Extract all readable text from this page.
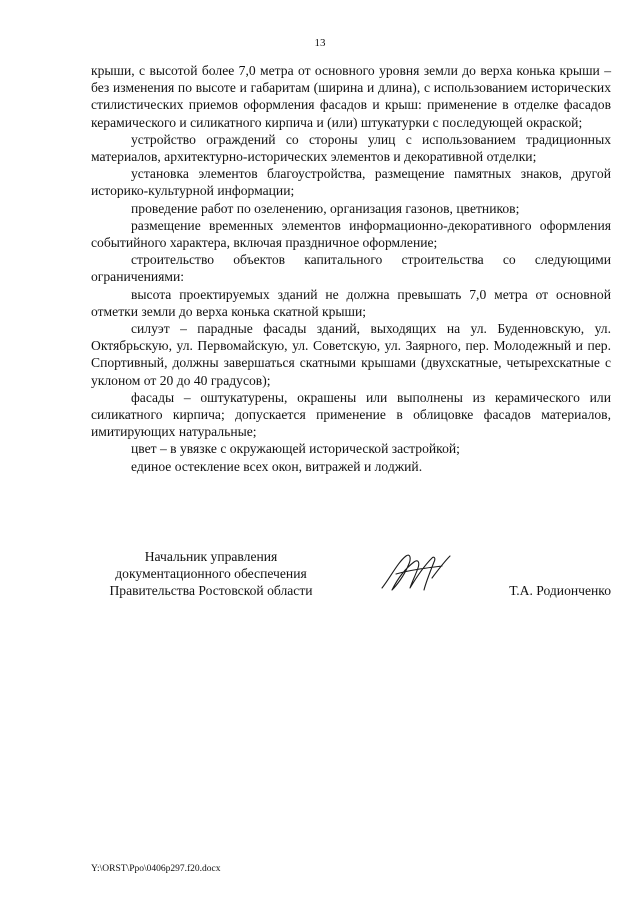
13

крыши, с высотой более 7,0 метра от основного уровня земли до верха конька крыши – без изменения по высоте и габаритам (ширина и длина), с использованием исторических стилистических приемов оформления фасадов и крыш: применение в отделке фасадов керамического и силикатного кирпича и (или) штукатурки с последующей окраской;

устройство ограждений со стороны улиц с использованием традиционных материалов, архитектурно-исторических элементов и декоративной отделки;

установка элементов благоустройства, размещение памятных знаков, другой историко-культурной информации;

проведение работ по озеленению, организация газонов, цветников;

размещение временных элементов информационно-декоративного оформления событийного характера, включая праздничное оформление;

строительство объектов капитального строительства со следующими ограничениями:

высота проектируемых зданий не должна превышать 7,0 метра от основной отметки земли до верха конька скатной крыши;

силуэт – парадные фасады зданий, выходящих на ул. Буденновскую, ул. Октябрьскую, ул. Первомайскую, ул. Советскую, ул. Заярного, пер. Молодежный и пер. Спортивный, должны завершаться скатными крышами (двухскатные, четырехскатные с уклоном от 20 до 40 градусов);

фасады – оштукатурены, окрашены или выполнены из керамического или силикатного кирпича; допускается применение в облицовке фасадов материалов, имитирующих натуральные;

цвет – в увязке с окружающей исторической застройкой;

единое остекление всех окон, витражей и лоджий.

Начальник управления
документационного обеспечения
Правительства Ростовской области	Т.А. Родионченко
Y:\ORST\Ppo\0406p297.f20.docx
